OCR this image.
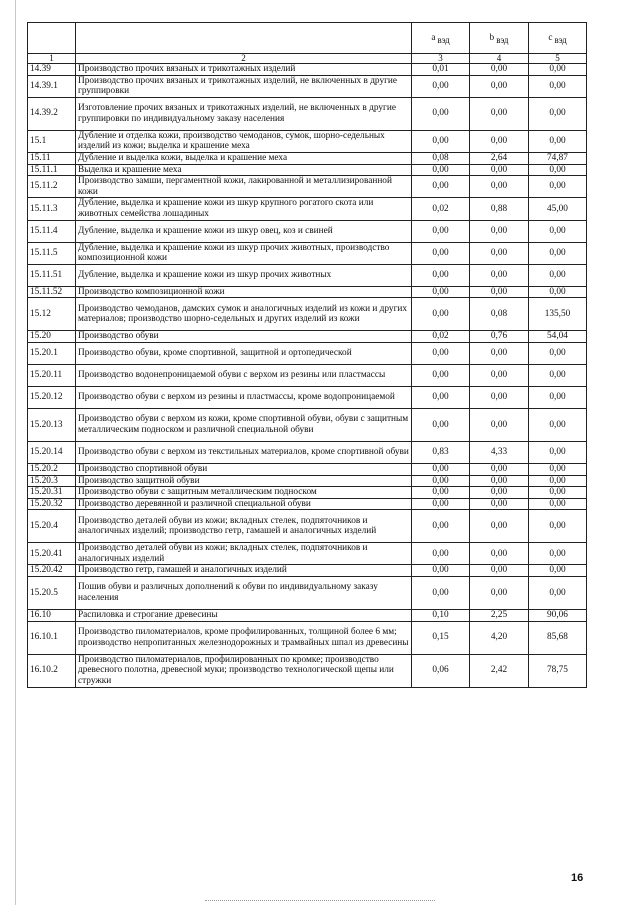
		a $_{вэд}$	b $_{вэд}$	c $_{вэд}$
1	2	3	4	5
14.39	Производство прочих вязаных и трикотажных изделий	0,01	0,00	0,00
14.39.1	Производство прочих вязаных и трикотажных изделий, не включенных в другие группировки	0,00	0,00	0,00
14.39.2	Изготовление прочих вязаных и трикотажных изделий, не включенных в другие группировки по индивидуальному заказу населения	0,00	0,00	0,00
15.1	Дубление и отделка кожи, производство чемоданов, сумок, шорно-седельных изделий из кожи; выделка и крашение меха	0,00	0,00	0,00
15.11	Дубление и выделка кожи, выделка и крашение меха	0,08	2,64	74,87
15.11.1	Выделка и крашение меха	0,00	0,00	0,00
15.11.2	Производство замши, пергаментной кожи, лакированной и металлизированной кожи	0,00	0,00	0,00
15.11.3	Дубление, выделка и крашение кожи из шкур крупного рогатого скота или животных семейства лошадиных	0,02	0,88	45,00
15.11.4	Дубление, выделка и крашение кожи из шкур овец, коз и свиней	0,00	0,00	0,00
15.11.5	Дубление, выделка и крашение кожи из шкур прочих животных, производство композиционной кожи	0,00	0,00	0,00
15.11.51	Дубление, выделка и крашение кожи из шкур прочих животных	0,00	0,00	0,00
15.11.52	Производство композиционной кожи	0,00	0,00	0,00
15.12	Производство чемоданов, дамских сумок и аналогичных изделий из кожи и других материалов; производство шорно-седельных и других изделий из кожи	0,00	0,08	135,50
15.20	Производство обуви	0,02	0,76	54,04
15.20.1	Производство обуви, кроме спортивной, защитной и ортопедической	0,00	0,00	0,00
15.20.11	Производство водонепроницаемой обуви с верхом из резины или пластмассы	0,00	0,00	0,00
15.20.12	Производство обуви с верхом из резины и пластмассы, кроме водопроницаемой	0,00	0,00	0,00
15.20.13	Производство обуви с верхом из кожи, кроме спортивной обуви, обуви с защитным металлическим подноском и различной специальной обуви	0,00	0,00	0,00
15.20.14	Производство обуви с верхом из текстильных материалов, кроме спортивной обуви	0,83	4,33	0,00
15.20.2	Производство спортивной обуви	0,00	0,00	0,00
15.20.3	Производство защитной обуви	0,00	0,00	0,00
15.20.31	Производство обуви с защитным металлическим подноском	0,00	0,00	0,00
15.20.32	Производство деревянной и различной специальной обуви	0,00	0,00	0,00
15.20.4	Производство деталей обуви из кожи; вкладных стелек, подпяточников и аналогичных изделий; производство гетр, гамашей и аналогичных изделий	0,00	0,00	0,00
15.20.41	Производство деталей обуви из кожи; вкладных стелек, подпяточников и аналогичных изделий	0,00	0,00	0,00
15.20.42	Производство гетр, гамашей и аналогичных изделий	0,00	0,00	0,00
15.20.5	Пошив обуви и различных дополнений к обуви по индивидуальному заказу населения	0,00	0,00	0,00
16.10	Распиловка и строгание древесины	0,10	2,25	90,06
16.10.1	Производство пиломатериалов, кроме профилированных, толщиной более 6 мм; производство непропитанных железнодорожных и трамвайных шпал из древесины	0,15	4,20	85,68
16.10.2	Производство пиломатериалов, профилированных по кромке; производство древесного полотна, древесной муки; производство технологической щепы или стружки	0,06	2,42	78,75
16
